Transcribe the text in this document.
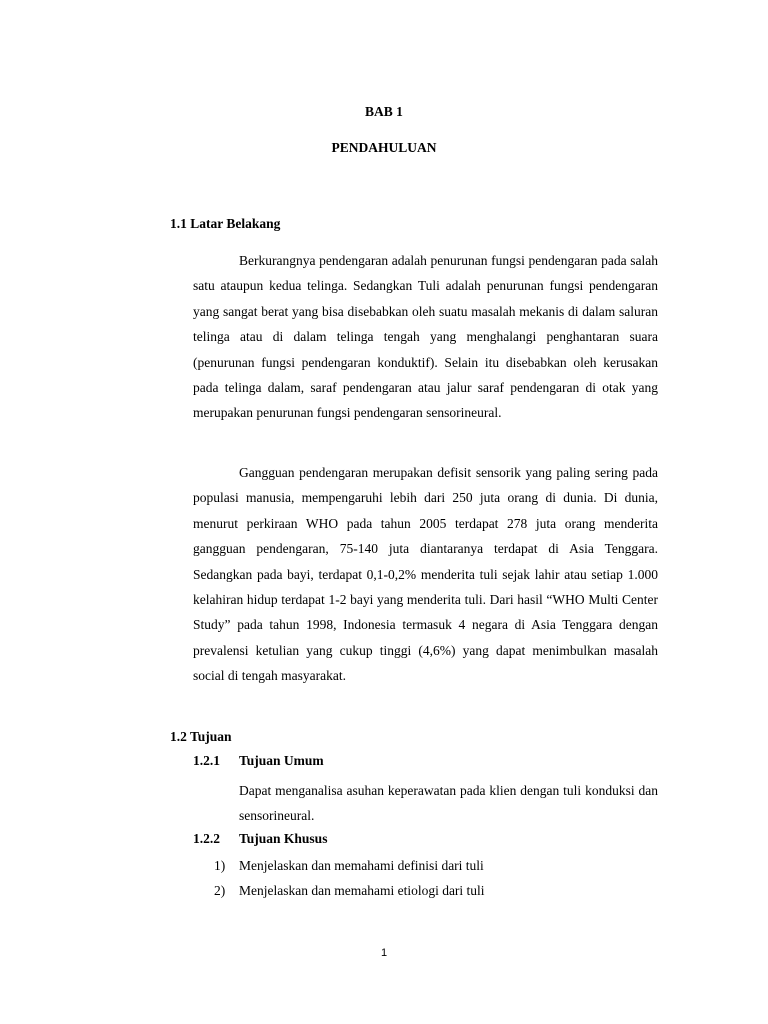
BAB 1
PENDAHULUAN
1.1 Latar Belakang

Berkurangnya pendengaran adalah penurunan fungsi pendengaran pada salah satu ataupun kedua telinga. Sedangkan Tuli adalah penurunan fungsi pendengaran yang sangat berat yang bisa disebabkan oleh suatu masalah mekanis di dalam saluran telinga atau di dalam telinga tengah yang menghalangi penghantaran suara (penurunan fungsi pendengaran konduktif). Selain itu disebabkan oleh kerusakan pada telinga dalam, saraf pendengaran atau jalur saraf pendengaran di otak yang merupakan penurunan fungsi pendengaran sensorineural.

Gangguan pendengaran merupakan defisit sensorik yang paling sering pada populasi manusia, mempengaruhi lebih dari 250 juta orang di dunia. Di dunia, menurut perkiraan WHO pada tahun 2005 terdapat 278 juta orang menderita gangguan pendengaran, 75-140 juta diantaranya terdapat di Asia Tenggara. Sedangkan pada bayi, terdapat 0,1-0,2% menderita tuli sejak lahir atau setiap 1.000 kelahiran hidup terdapat 1-2 bayi yang menderita tuli. Dari hasil “WHO Multi Center Study” pada tahun 1998, Indonesia termasuk 4 negara di Asia Tenggara dengan prevalensi ketulian yang cukup tinggi (4,6%) yang dapat menimbulkan masalah social di tengah masyarakat.

1.2 Tujuan
1.2.1 Tujuan Umum

Dapat menganalisa asuhan keperawatan pada klien dengan tuli konduksi dan sensorineural.

1.2.2 Tujuan Khusus
1) Menjelaskan dan memahami definisi dari tuli
2) Menjelaskan dan memahami etiologi dari tuli

1
